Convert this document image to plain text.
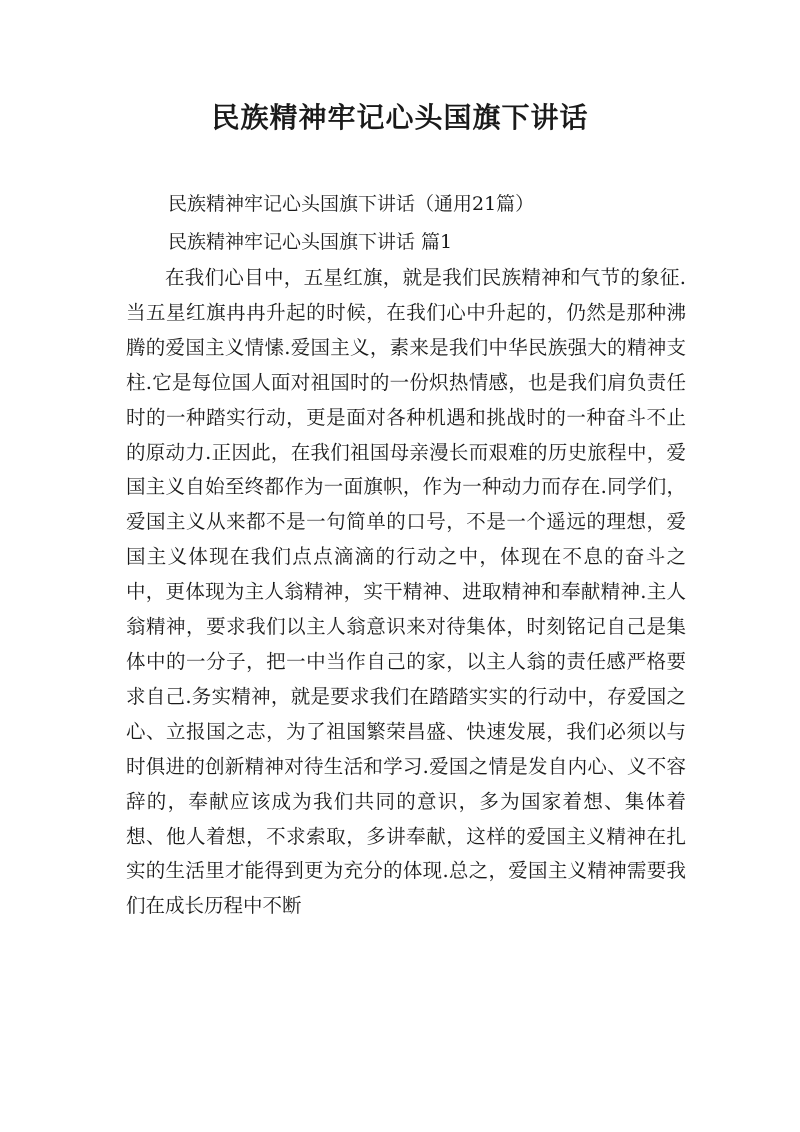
民族精神牢记心头国旗下讲话
民族精神牢记心头国旗下讲话（通用21篇）
民族精神牢记心头国旗下讲话 篇1

在我们心目中，五星红旗，就是我们民族精神和气节的象征.当五星红旗冉冉升起的时候，在我们心中升起的，仍然是那种沸腾的爱国主义情愫.爱国主义，素来是我们中华民族强大的精神支柱.它是每位国人面对祖国时的一份炽热情感，也是我们肩负责任时的一种踏实行动，更是面对各种机遇和挑战时的一种奋斗不止的原动力.正因此，在我们祖国母亲漫长而艰难的历史旅程中，爱国主义自始至终都作为一面旗帜，作为一种动力而存在.同学们，爱国主义从来都不是一句简单的口号，不是一个遥远的理想，爱国主义体现在我们点点滴滴的行动之中，体现在不息的奋斗之中，更体现为主人翁精神，实干精神、进取精神和奉献精神.主人翁精神，要求我们以主人翁意识来对待集体，时刻铭记自己是集体中的一分子，把一中当作自己的家，以主人翁的责任感严格要求自己.务实精神，就是要求我们在踏踏实实的行动中，存爱国之心、立报国之志，为了祖国繁荣昌盛、快速发展，我们必须以与时俱进的创新精神对待生活和学习.爱国之情是发自内心、义不容辞的，奉献应该成为我们共同的意识，多为国家着想、集体着想、他人着想，不求索取，多讲奉献，这样的爱国主义精神在扎实的生活里才能得到更为充分的体现.总之，爱国主义精神需要我们在成长历程中不断
